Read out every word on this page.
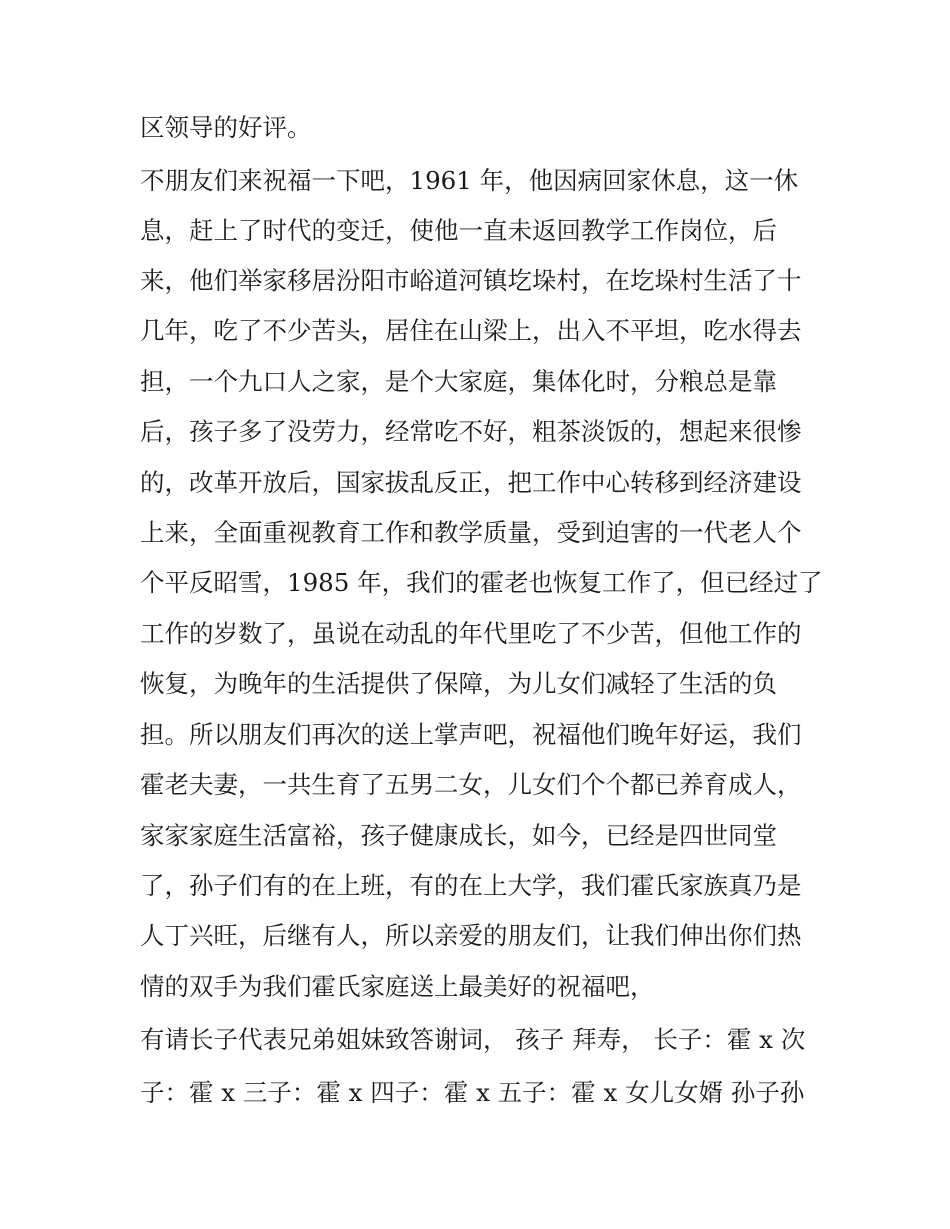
区领导的好评。

不朋友们来祝福一下吧，1961 年，他因病回家休息，这一休

息，赶上了时代的变迁，使他一直未返回教学工作岗位，后

来，他们举家移居汾阳市峪道河镇圪垛村，在圪垛村生活了十

几年，吃了不少苦头，居住在山梁上，出入不平坦，吃水得去

担，一个九口人之家，是个大家庭，集体化时，分粮总是靠

后，孩子多了没劳力，经常吃不好，粗茶淡饭的，想起来很惨

的，改革开放后，国家拔乱反正，把工作中心转移到经济建设

上来，全面重视教育工作和教学质量，受到迫害的一代老人个

个平反昭雪，1985 年，我们的霍老也恢复工作了，但已经过了

工作的岁数了，虽说在动乱的年代里吃了不少苦，但他工作的

恢复，为晚年的生活提供了保障，为儿女们减轻了生活的负

担。所以朋友们再次的送上掌声吧，祝福他们晚年好运，我们

霍老夫妻，一共生育了五男二女，儿女们个个都已养育成人，

家家家庭生活富裕，孩子健康成长，如今，已经是四世同堂

了，孙子们有的在上班，有的在上大学，我们霍氏家族真乃是

人丁兴旺，后继有人，所以亲爱的朋友们，让我们伸出你们热

情的双手为我们霍氏家庭送上最美好的祝福吧，

有请长子代表兄弟姐妹致答谢词， 孩子 拜寿， 长子：霍 x 次

子：霍 x 三子：霍 x 四子：霍 x 五子：霍 x 女儿女婿 孙子孙
